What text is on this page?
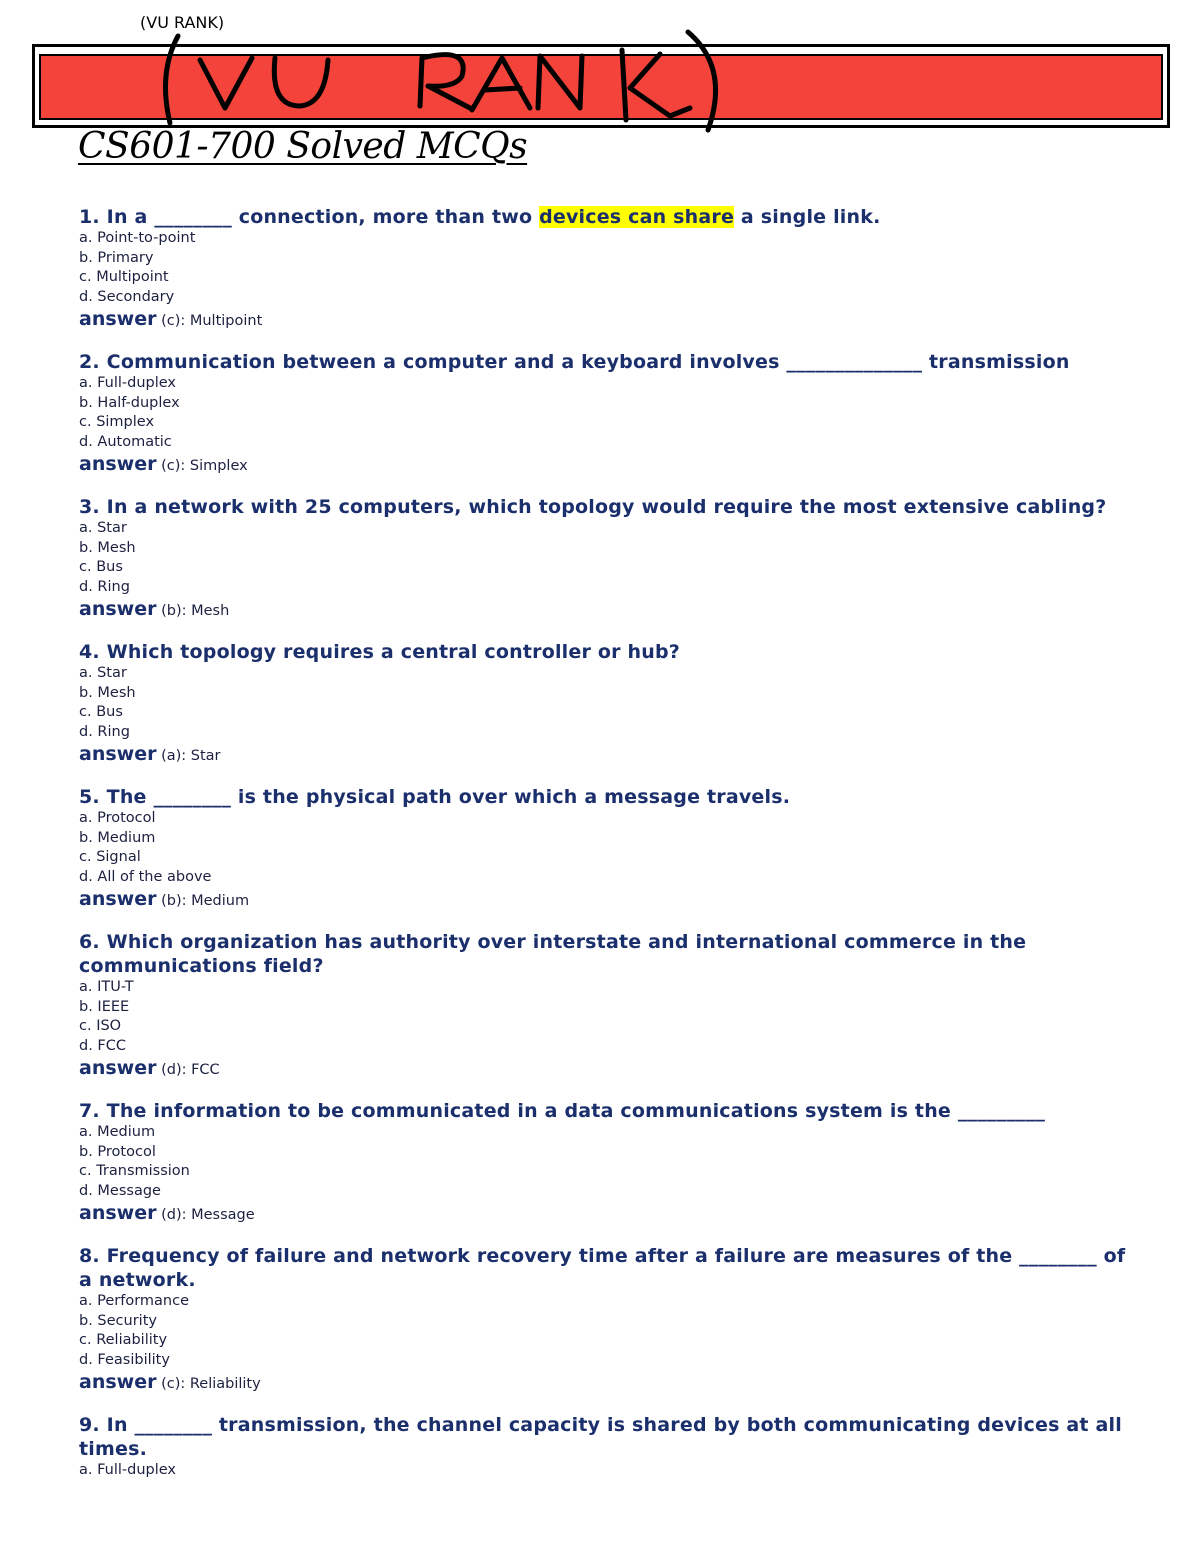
(VU RANK)
CS601-700 Solved MCQs

1. In a ________ connection, more than two devices can share a single link.

a. Point-to-point
b. Primary
c. Multipoint
d. Secondary
answer (c): Multipoint

2. Communication between a computer and a keyboard involves ______________ transmission

a. Full-duplex
b. Half-duplex
c. Simplex
d. Automatic
answer (c): Simplex

3. In a network with 25 computers, which topology would require the most extensive cabling?

a. Star
b. Mesh
c. Bus
d. Ring
answer (b): Mesh

4. Which topology requires a central controller or hub?

a. Star
b. Mesh
c. Bus
d. Ring
answer (a): Star

5. The ________ is the physical path over which a message travels.

a. Protocol
b. Medium
c. Signal
d. All of the above
answer (b): Medium

6. Which organization has authority over interstate and international commerce in the communications field?

a. ITU-T
b. IEEE
c. ISO
d. FCC
answer (d): FCC

7. The information to be communicated in a data communications system is the _________

a. Medium
b. Protocol
c. Transmission
d. Message
answer (d): Message

8. Frequency of failure and network recovery time after a failure are measures of the ________ of a network.

a. Performance
b. Security
c. Reliability
d. Feasibility
answer (c): Reliability

9. In ________ transmission, the channel capacity is shared by both communicating devices at all times.

a. Full-duplex
